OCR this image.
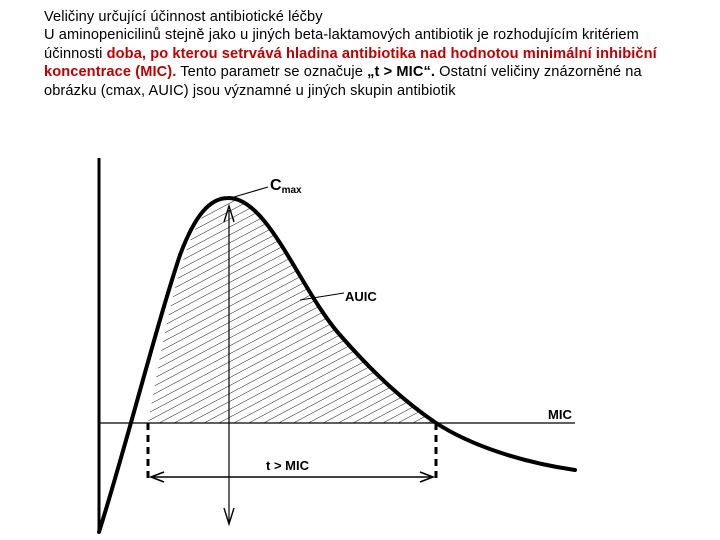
Veličiny určující účinnost antibiotické léčby
U aminopenicilinů stejně jako u jiných beta-laktamových antibiotik je rozhodujícím kritériem účinnosti doba, po kterou setrvává hladina antibiotika nad hodnotou minimální inhibiční koncentrace (MIC). Tento parametr se označuje „t > MIC“. Ostatní veličiny znázorněné na obrázku (cmax, AUIC) jsou významné u jiných skupin antibiotik

Cmax
AUIC
MIC
t > MIC
